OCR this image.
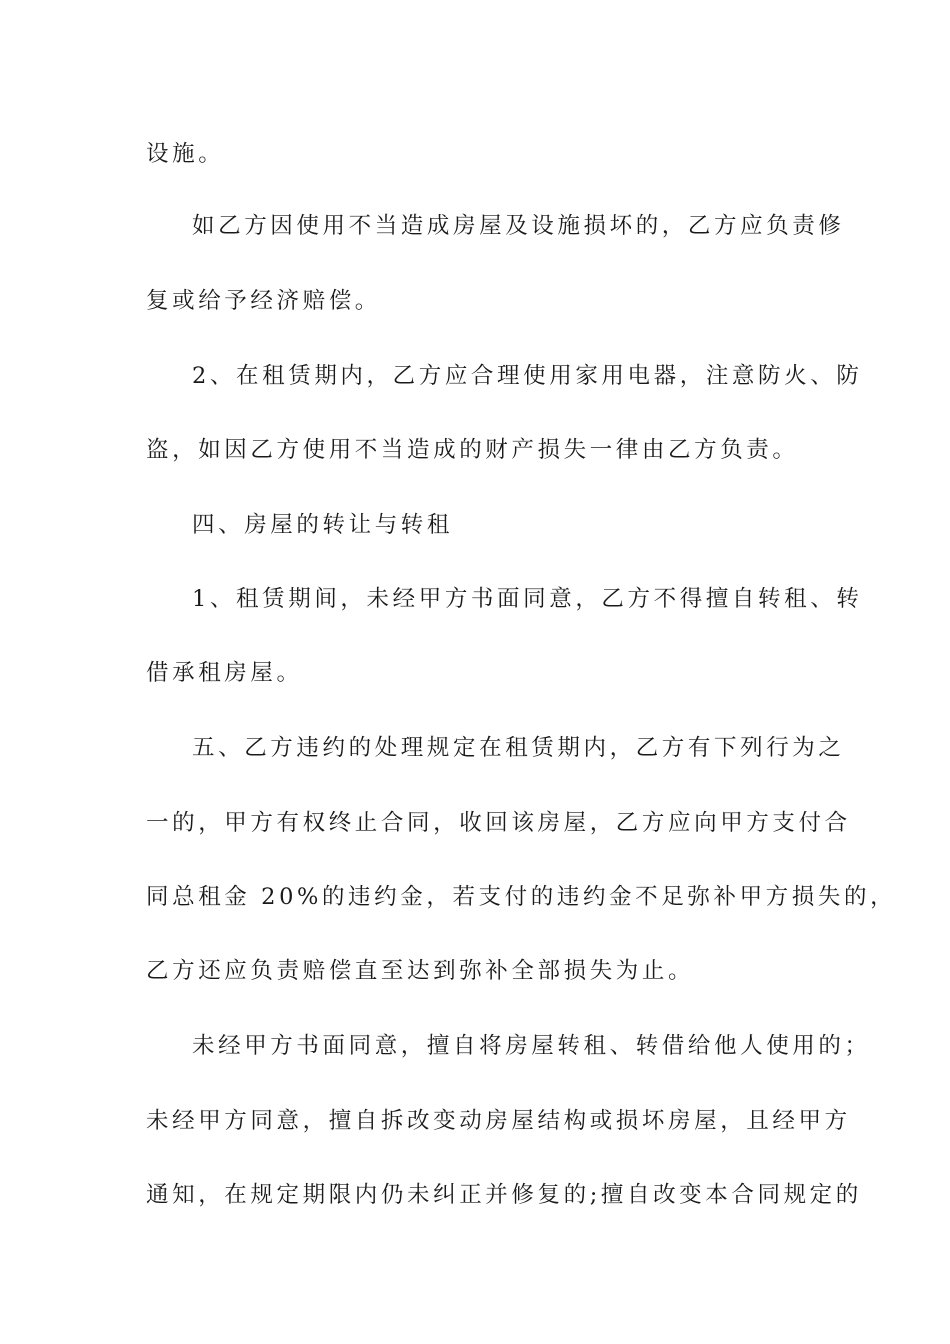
设施。
如乙方因使用不当造成房屋及设施损坏的，乙方应负责修
复或给予经济赔偿。
2、在租赁期内，乙方应合理使用家用电器，注意防火、防
盗，如因乙方使用不当造成的财产损失一律由乙方负责。
四、房屋的转让与转租
1、租赁期间，未经甲方书面同意，乙方不得擅自转租、转
借承租房屋。
五、乙方违约的处理规定在租赁期内，乙方有下列行为之
一的，甲方有权终止合同，收回该房屋，乙方应向甲方支付合
同总租金 20%的违约金，若支付的违约金不足弥补甲方损失的，
乙方还应负责赔偿直至达到弥补全部损失为止。
未经甲方书面同意，擅自将房屋转租、转借给他人使用的；
未经甲方同意，擅自拆改变动房屋结构或损坏房屋，且经甲方
通知，在规定期限内仍未纠正并修复的;擅自改变本合同规定的
